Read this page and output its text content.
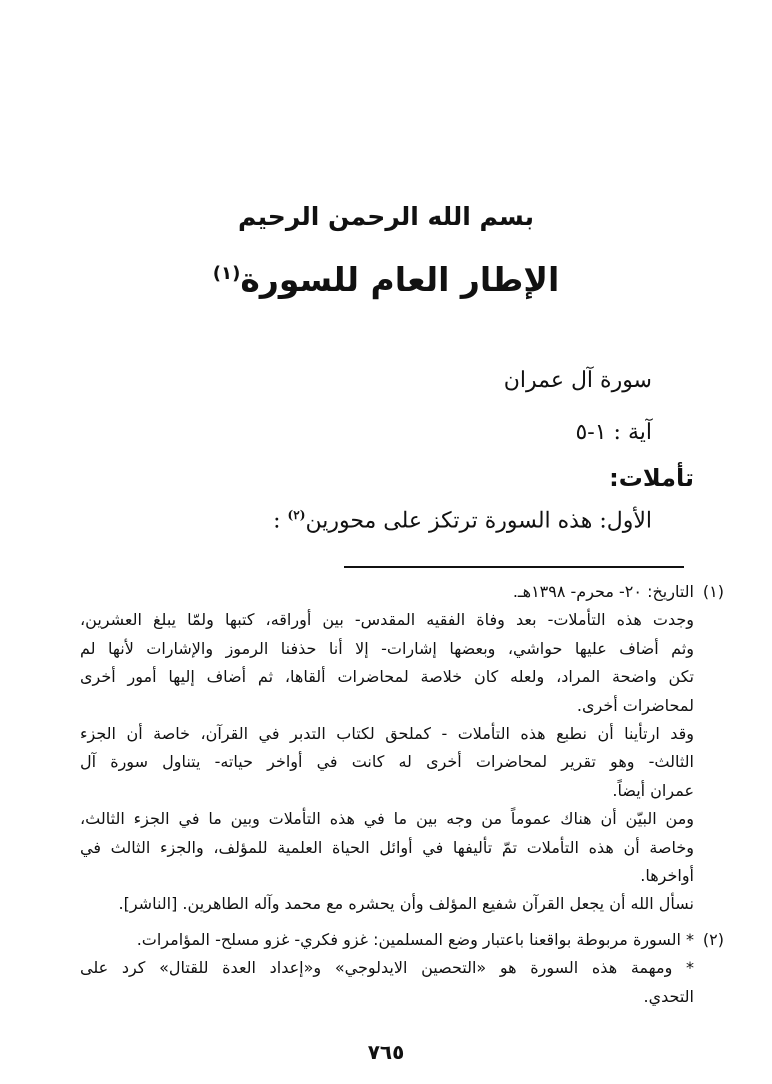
بسم الله الرحمن الرحيم
الإطار العام للسورة$^{(١)}$
سورة آل عمران
آية : ١-٥
تأملات:
الأول: هذه السورة ترتكز على محورين$^{(٢)}$ :
(١)

التاريخ: ٢٠- محرم- ١٣٩٨هـ.

وجدت هذه التأملات- بعد وفاة الفقيه المقدس- بين أوراقه، كتبها ولمّا يبلغ العشرين،

وثم أضاف عليها حواشي، وبعضها إشارات- إلا أنا حذفنا الرموز والإشارات لأنها لم

تكن واضحة المراد، ولعله كان خلاصة لمحاضرات ألقاها، ثم أضاف إليها أمور أخرى

لمحاضرات أخرى.

وقد ارتأينا أن نطبع هذه التأملات - كملحق لكتاب التدبر في القرآن، خاصة أن الجزء

الثالث- وهو تقرير لمحاضرات أخرى له كانت في أواخر حياته- يتناول سورة آل

عمران أيضاً.

ومن البيّن أن هناك عموماً من وجه بين ما في هذه التأملات وبين ما في الجزء الثالث،

وخاصة أن هذه التأملات تمّ تأليفها في أوائل الحياة العلمية للمؤلف، والجزء الثالث في

أواخرها.

نسأل الله أن يجعل القرآن شفيع المؤلف وأن يحشره مع محمد وآله الطاهرين. [الناشر].

(٢)

* السورة مربوطة بواقعنا باعتبار وضع المسلمين: غزو فكري- غزو مسلح- المؤامرات.

* ومهمة هذه السورة هو «التحصين الايدلوجي» و«إعداد العدة للقتال» كرد على

التحدي.

٧٦٥
